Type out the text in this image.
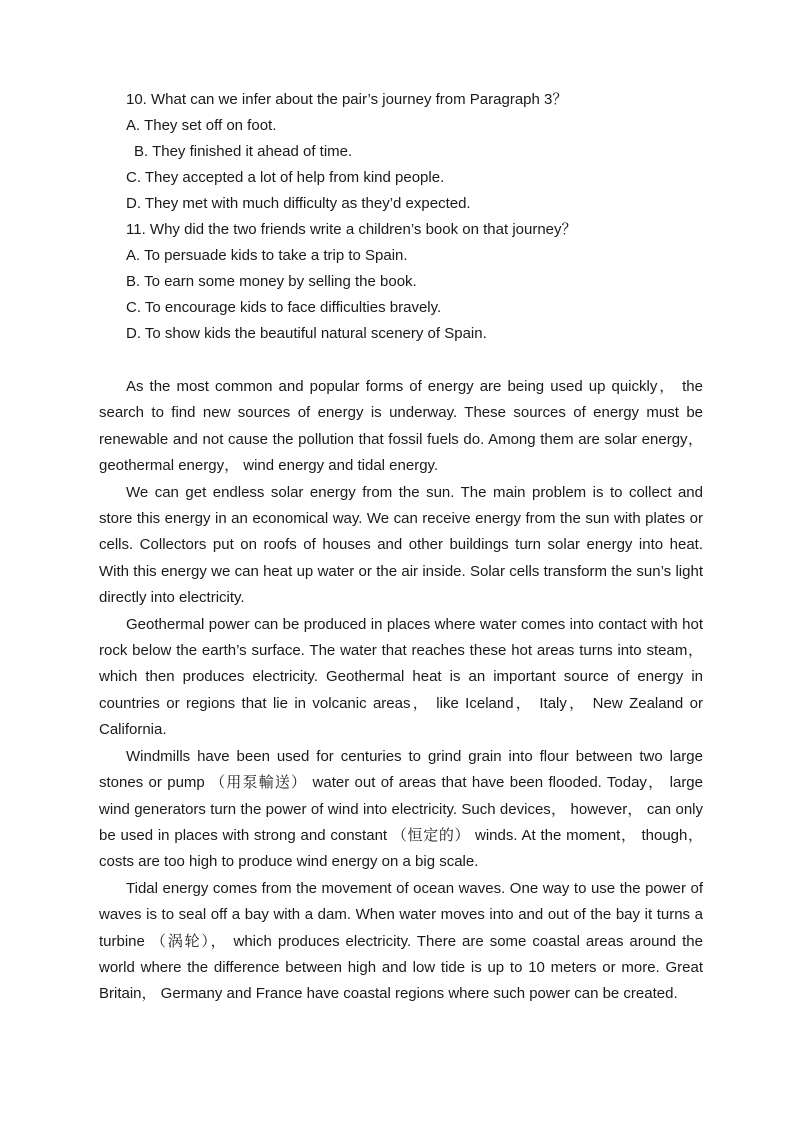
10. What can we infer about the pair’s journey from Paragraph 3？
A. They set off on foot.
B. They finished it ahead of time.
C. They accepted a lot of help from kind people.
D. They met with much difficulty as they’d expected.
11. Why did the two friends write a children’s book on that journey？
A. To persuade kids to take a trip to Spain.
B. To earn some money by selling the book.
C. To encourage kids to face difficulties bravely.
D. To show kids the beautiful natural scenery of Spain.

As the most common and popular forms of energy are being used up quickly， the search to find new sources of energy is underway. These sources of energy must be renewable and not cause the pollution that fossil fuels do. Among them are solar energy， geothermal energy， wind energy and tidal energy.

We can get endless solar energy from the sun. The main problem is to collect and store this energy in an economical way. We can receive energy from the sun with plates or cells. Collectors put on roofs of houses and other buildings turn solar energy into heat. With this energy we can heat up water or the air inside. Solar cells transform the sun’s light directly into electricity.

Geothermal power can be produced in places where water comes into contact with hot rock below the earth’s surface. The water that reaches these hot areas turns into steam， which then produces electricity. Geothermal heat is an important source of energy in countries or regions that lie in volcanic areas， like Iceland， Italy， New Zealand or California.

Windmills have been used for centuries to grind grain into flour between two large stones or pump （用泵輸送） water out of areas that have been flooded. Today， large wind generators turn the power of wind into electricity. Such devices， however， can only be used in places with strong and constant （恒定的） winds. At the moment， though， costs are too high to produce wind energy on a big scale.

Tidal energy comes from the movement of ocean waves. One way to use the power of waves is to seal off a bay with a dam. When water moves into and out of the bay it turns a turbine （涡轮）， which produces electricity. There are some coastal areas around the world where the difference between high and low tide is up to 10 meters or more. Great Britain， Germany and France have coastal regions where such power can be created.
